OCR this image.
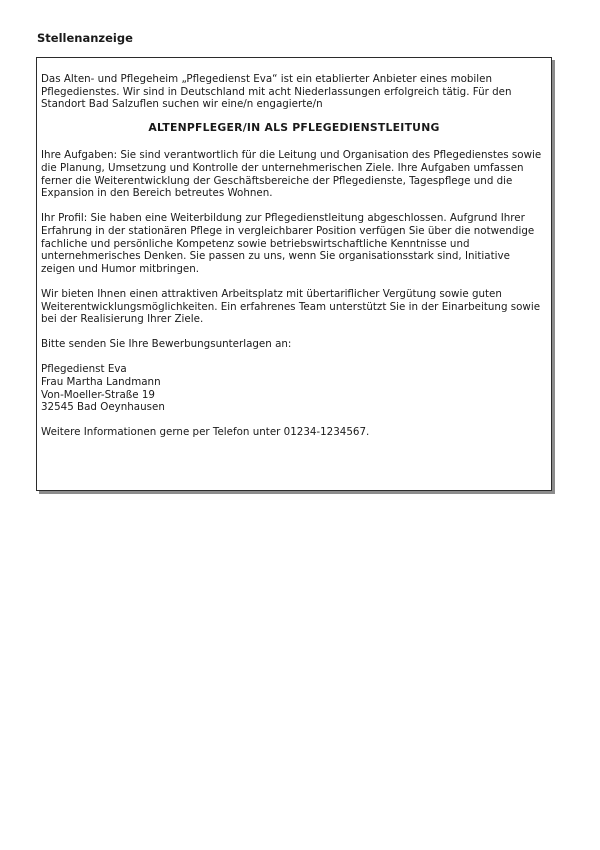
Stellenanzeige

Das Alten- und Pflegeheim „Pflegedienst Eva“ ist ein etablierter Anbieter eines mobilen Pflegedienstes. Wir sind in Deutschland mit acht Niederlassungen erfolgreich tätig. Für den Standort Bad Salzuflen suchen wir eine/n engagierte/n

ALTENPFLEGER/IN ALS PFLEGEDIENSTLEITUNG

Ihre Aufgaben: Sie sind verantwortlich für die Leitung und Organisation des Pflegedienstes sowie die Planung, Umsetzung und Kontrolle der unternehmerischen Ziele. Ihre Aufgaben umfassen ferner die Weiterentwicklung der Geschäftsbereiche der Pflegedienste, Tagespflege und die Expansion in den Bereich betreutes Wohnen.

Ihr Profil: Sie haben eine Weiterbildung zur Pflegedienstleitung abgeschlossen. Aufgrund Ihrer Erfahrung in der stationären Pflege in vergleichbarer Position verfügen Sie über die notwendige fachliche und persönliche Kompetenz sowie betriebswirtschaftliche Kenntnisse und unternehmerisches Denken. Sie passen zu uns, wenn Sie organisationsstark sind, Initiative zeigen und Humor mitbringen.

Wir bieten Ihnen einen attraktiven Arbeitsplatz mit übertariflicher Vergütung sowie guten Weiterentwicklungsmöglichkeiten. Ein erfahrenes Team unterstützt Sie in der Einarbeitung sowie bei der Realisierung Ihrer Ziele.

Bitte senden Sie Ihre Bewerbungsunterlagen an:

Pflegedienst Eva
Frau Martha Landmann
Von-Moeller-Straße 19
32545 Bad Oeynhausen

Weitere Informationen gerne per Telefon unter 01234-1234567.
